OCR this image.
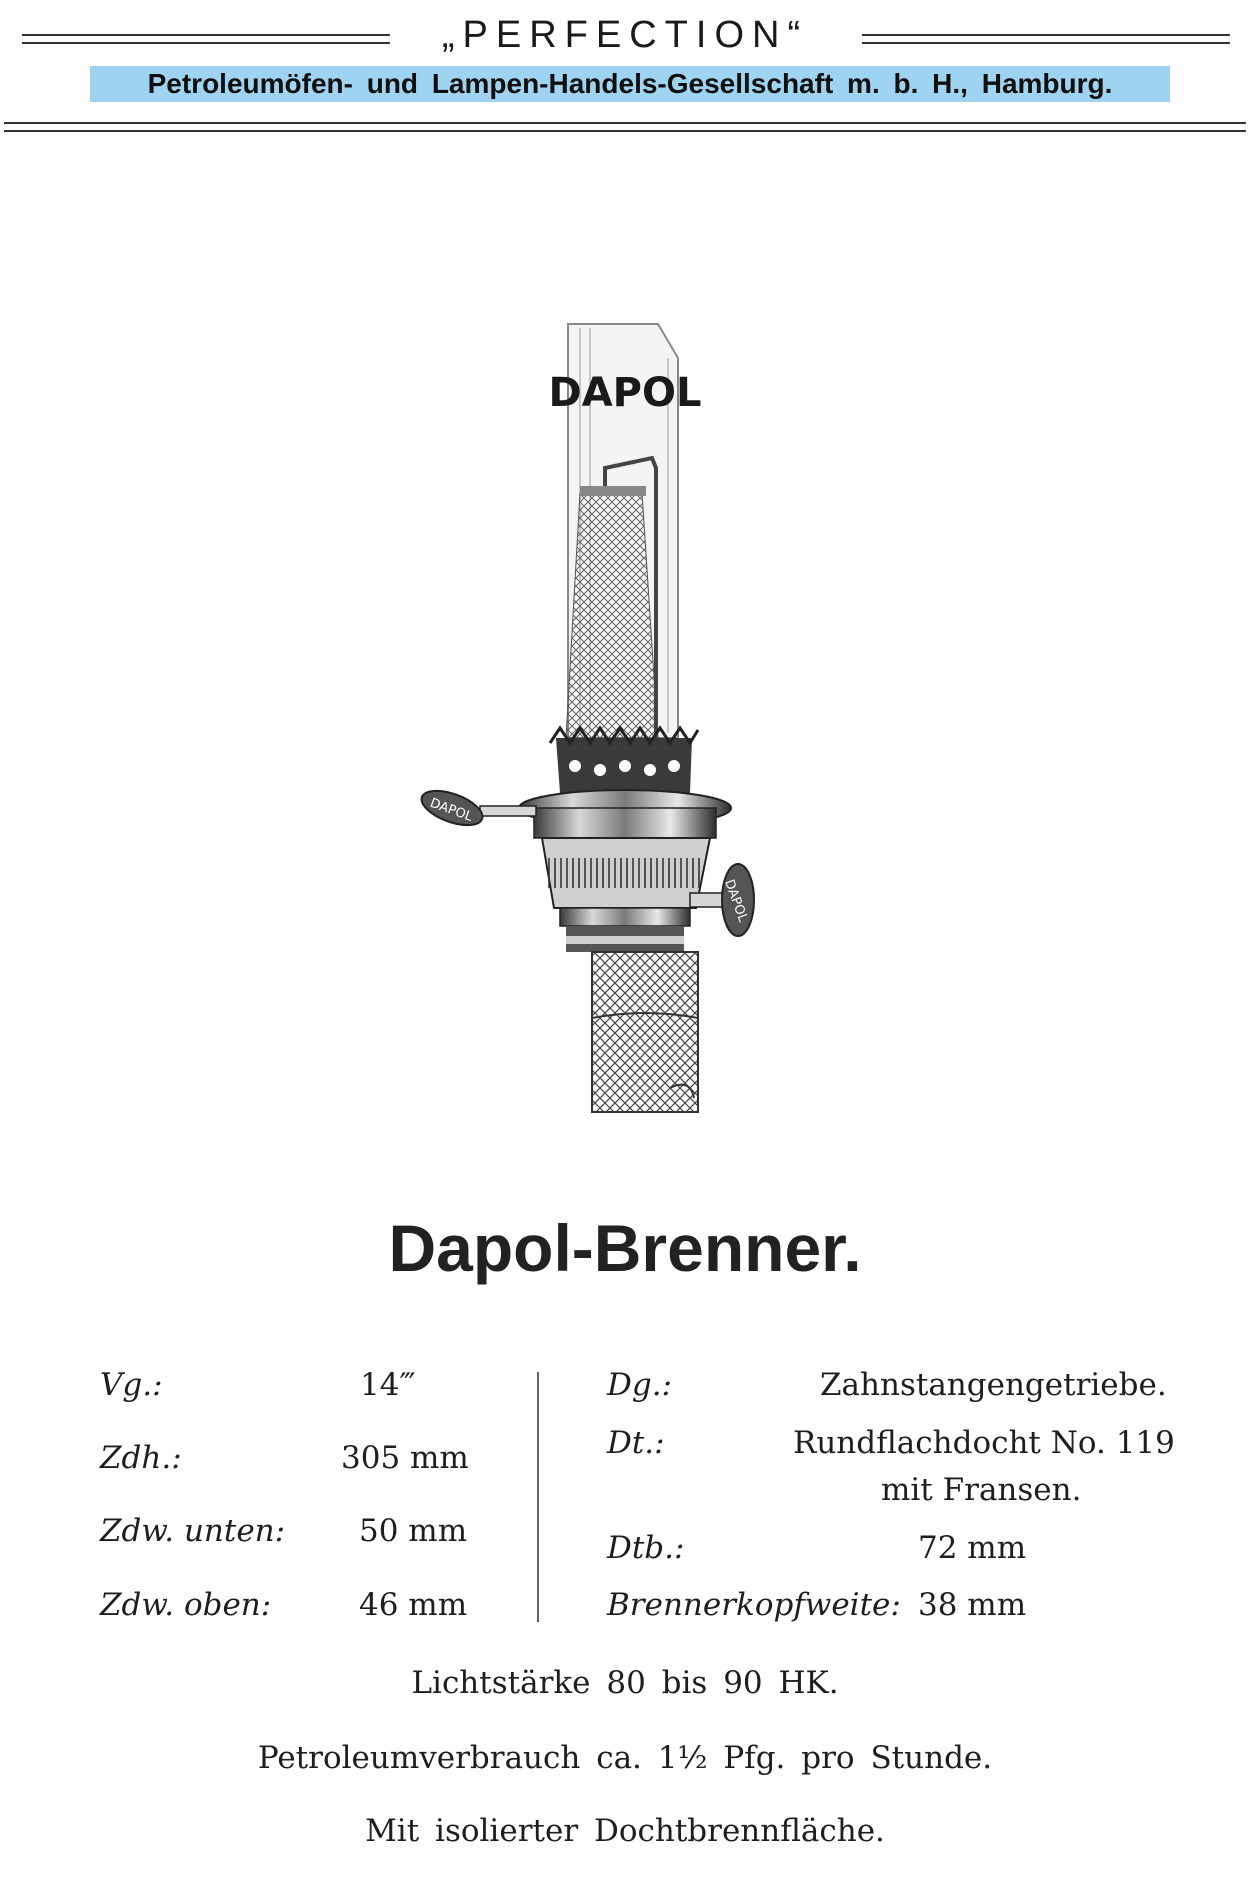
„PERFECTION“
Petroleumöfen- und Lampen-Handels-Gesellschaft m. b. H., Hamburg.
DAPOL
DAPOL
DAPOL
Dapol-Brenner.
Vg.:	14‴
Zdh.:	305 mm
Zdw. unten: 50 mm
Zdw. oben:	46 mm
Dg.:	Zahnstangengetriebe.
Dt.:	Rundflachdocht No. 119
mit Fransen.
Dtb.:	72 mm
Brennerkopfweite: 38 mm
Lichtstärke 80 bis 90 HK.
Petroleumverbrauch ca. 1½ Pfg. pro Stunde.
Mit isolierter Dochtbrennfläche.
